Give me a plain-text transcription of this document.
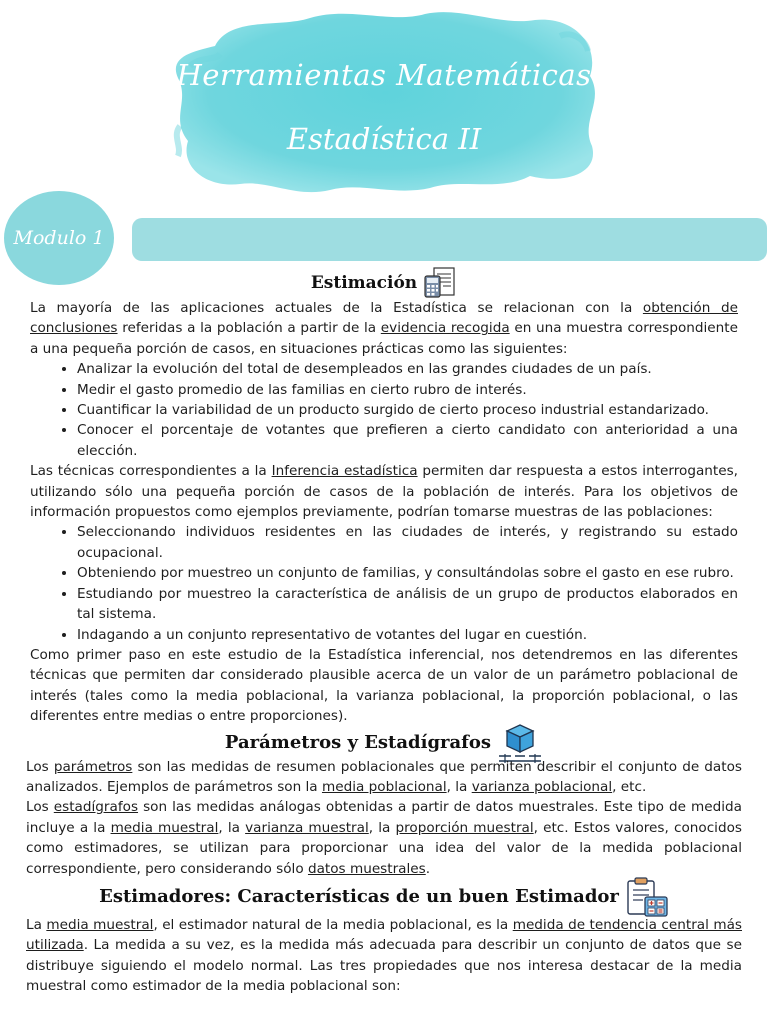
Herramientas Matemáticas
Estadística II
Modulo 1
Estimación

La mayoría de las aplicaciones actuales de la Estadística se relacionan con la obtención de conclusiones referidas a la población a partir de la evidencia recogida en una muestra correspondiente a una pequeña porción de casos, en situaciones prácticas como las siguientes:

• Analizar la evolución del total de desempleados en las grandes ciudades de un país.
• Medir el gasto promedio de las familias en cierto rubro de interés.
• Cuantificar la variabilidad de un producto surgido de cierto proceso industrial estandarizado.
• Conocer el porcentaje de votantes que prefieren a cierto candidato con anterioridad a una elección.

Las técnicas correspondientes a la Inferencia estadística permiten dar respuesta a estos interrogantes, utilizando sólo una pequeña porción de casos de la población de interés. Para los objetivos de información propuestos como ejemplos previamente, podrían tomarse muestras de las poblaciones:

• Seleccionando individuos residentes en las ciudades de interés, y registrando su estado ocupacional.
• Obteniendo por muestreo un conjunto de familias, y consultándolas sobre el gasto en ese rubro.
• Estudiando por muestreo la característica de análisis de un grupo de productos elaborados en tal sistema.
• Indagando a un conjunto representativo de votantes del lugar en cuestión.

Como primer paso en este estudio de la Estadística inferencial, nos detendremos en las diferentes técnicas que permiten dar considerado plausible acerca de un valor de un parámetro poblacional de interés (tales como la media poblacional, la varianza poblacional, la proporción poblacional, o las diferentes entre medias o entre proporciones).

Parámetros y Estadígrafos

Los parámetros son las medidas de resumen poblacionales que permiten describir el conjunto de datos analizados. Ejemplos de parámetros son la media poblacional, la varianza poblacional, etc.

Los estadígrafos son las medidas análogas obtenidas a partir de datos muestrales. Este tipo de medida incluye a la media muestral, la varianza muestral, la proporción muestral, etc. Estos valores, conocidos como estimadores, se utilizan para proporcionar una idea del valor de la medida poblacional correspondiente, pero considerando sólo datos muestrales.

Estimadores: Características de un buen Estimador

La media muestral, el estimador natural de la media poblacional, es la medida de tendencia central más utilizada. La medida a su vez, es la medida más adecuada para describir un conjunto de datos que se distribuye siguiendo el modelo normal. Las tres propiedades que nos interesa destacar de la media muestral como estimador de la media poblacional son:
